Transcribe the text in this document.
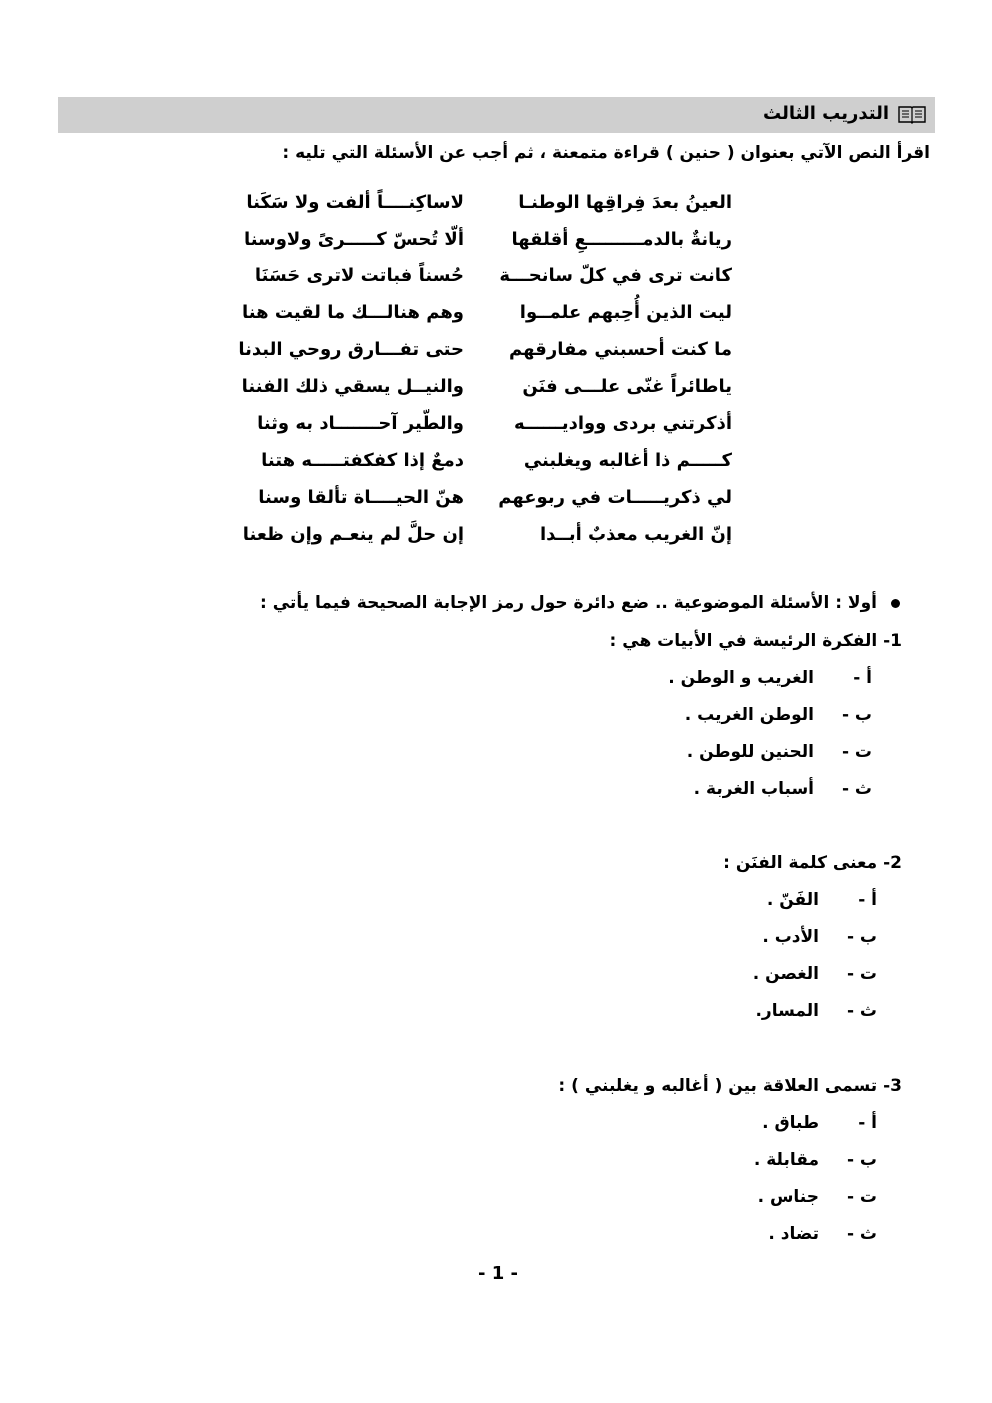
التدريب الثالث
اقرأ النص الآتي بعنوان ( حنين ) قراءة متمعنة ، ثم أجب عن الأسئلة التي تليه :
العينُ بعدَ فِراقِها الوطنـا
لاساكِنــــاً ألفت ولا سَكَنا
ريانةٌ بالدمـــــــــعِ أقلقها
ألّا تُحسّ كـــــرىً ولاوسنا
كانت ترى في كلّ سانحـــة
حُسناً فباتت لاترى حَسَنَا
ليت الذين أُحِبهم علمــوا
وهم هنالـــك ما لقيت هنا
ما كنت أحسبني مفارقهم
حتى تفـــارق روحي البدنا
ياطائراً غنّى علـــى فنَن
والنيــل يسقي ذلك الفننا
أذكرتني بردى وواديــــــه
والطّير آحـــــــاد به وثنا
كـــــم ذا أغالبه ويغلبني
دمعٌ إذا كفكفتـــــه هتنا
لي ذكريـــــات في ربوعهم
هنّ الحيــــاة تألقا وسنا
إنّ الغريب معذبٌ أبــدا
إن حلَّ لم ينعـم وإن ظعنا
أولا : الأسئلة الموضوعية .. ضع دائرة حول رمز الإجابة الصحيحة فيما يأتي :
1- الفكرة الرئيسة في الأبيات هي :
أ -
الغريب و الوطن .
ب -
الوطن الغريب .
ت -
الحنين للوطن .
ث -
أسباب الغربة .
2- معنى كلمة الفنَن :
أ -
الفَنّ .
ب -
الأدب .
ت -
الغصن .
ث -
المسار.
3- تسمى العلاقة بين ( أغالبه و يغلبني ) :
أ -
طباق .
ب -
مقابلة .
ت -
جناس .
ث -
تضاد .
- 1 -
